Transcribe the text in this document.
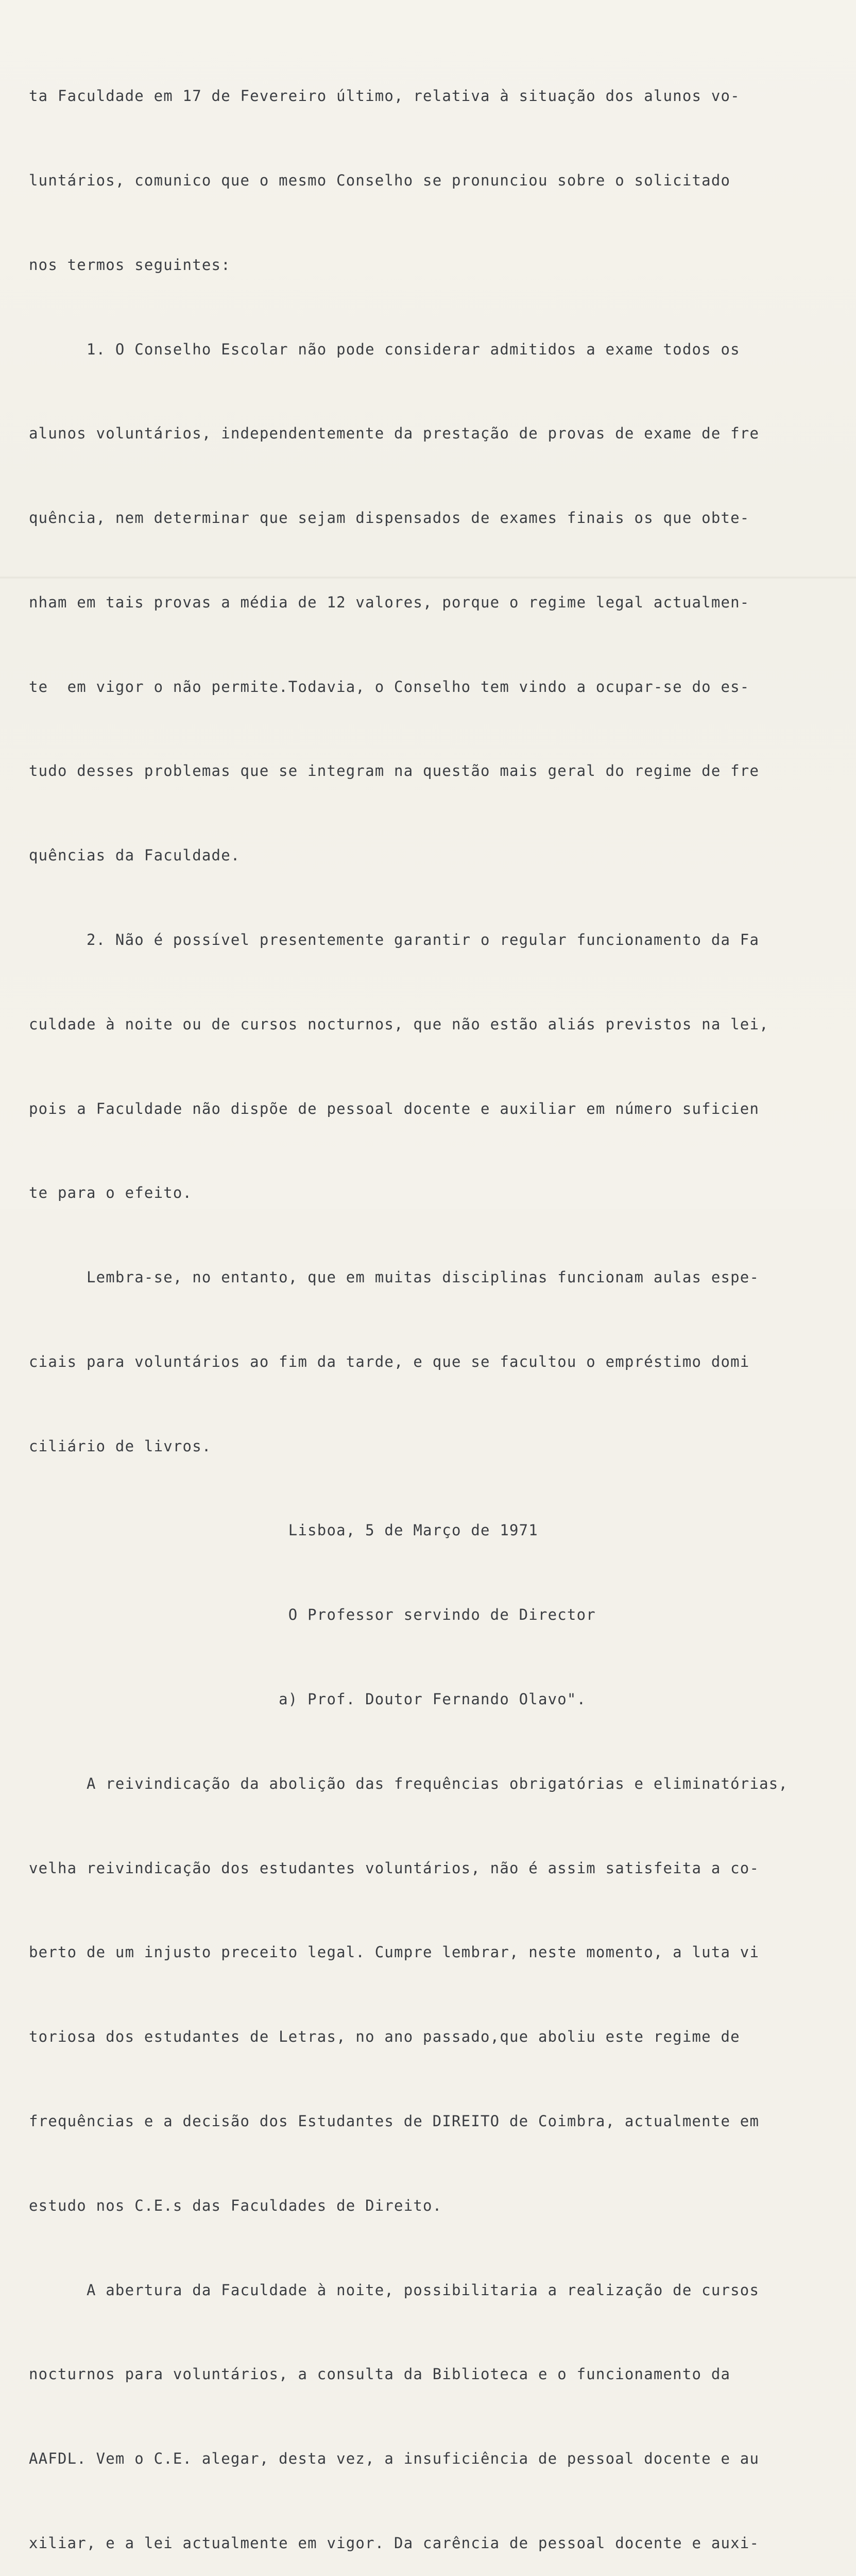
ta Faculdade em 17 de Fevereiro último, relativa à situação dos alunos vo-

luntários, comunico que o mesmo Conselho se pronunciou sobre o solicitado

nos termos seguintes:

1. O Conselho Escolar não pode considerar admitidos a exame todos os

alunos voluntários, independentemente da prestação de provas de exame de fre

quência, nem determinar que sejam dispensados de exames finais os que obte-

nham em tais provas a média de 12 valores, porque o regime legal actualmen-

te  em vigor o não permite.Todavia, o Conselho tem vindo a ocupar-se do es-

tudo desses problemas que se integram na questão mais geral do regime de fre

quências da Faculdade.

2. Não é possível presentemente garantir o regular funcionamento da Fa

culdade à noite ou de cursos nocturnos, que não estão aliás previstos na lei,

pois a Faculdade não dispõe de pessoal docente e auxiliar em número suficien

te para o efeito.

Lembra-se, no entanto, que em muitas disciplinas funcionam aulas espe-

ciais para voluntários ao fim da tarde, e que se facultou o empréstimo domi

ciliário de livros.

Lisboa, 5 de Março de 1971

O Professor servindo de Director

a) Prof. Doutor Fernando Olavo".

A reivindicação da abolição das frequências obrigatórias e eliminatórias,

velha reivindicação dos estudantes voluntários, não é assim satisfeita a co-

berto de um injusto preceito legal. Cumpre lembrar, neste momento, a luta vi

toriosa dos estudantes de Letras, no ano passado,que aboliu este regime de

frequências e a decisão dos Estudantes de DIREITO de Coimbra, actualmente em

estudo nos C.E.s das Faculdades de Direito.

A abertura da Faculdade à noite, possibilitaria a realização de cursos

nocturnos para voluntários, a consulta da Biblioteca e o funcionamento da

AAFDL. Vem o C.E. alegar, desta vez, a insuficiência de pessoal docente e au

xiliar, e a lei actualmente em vigor. Da carência de pessoal docente e auxi-
